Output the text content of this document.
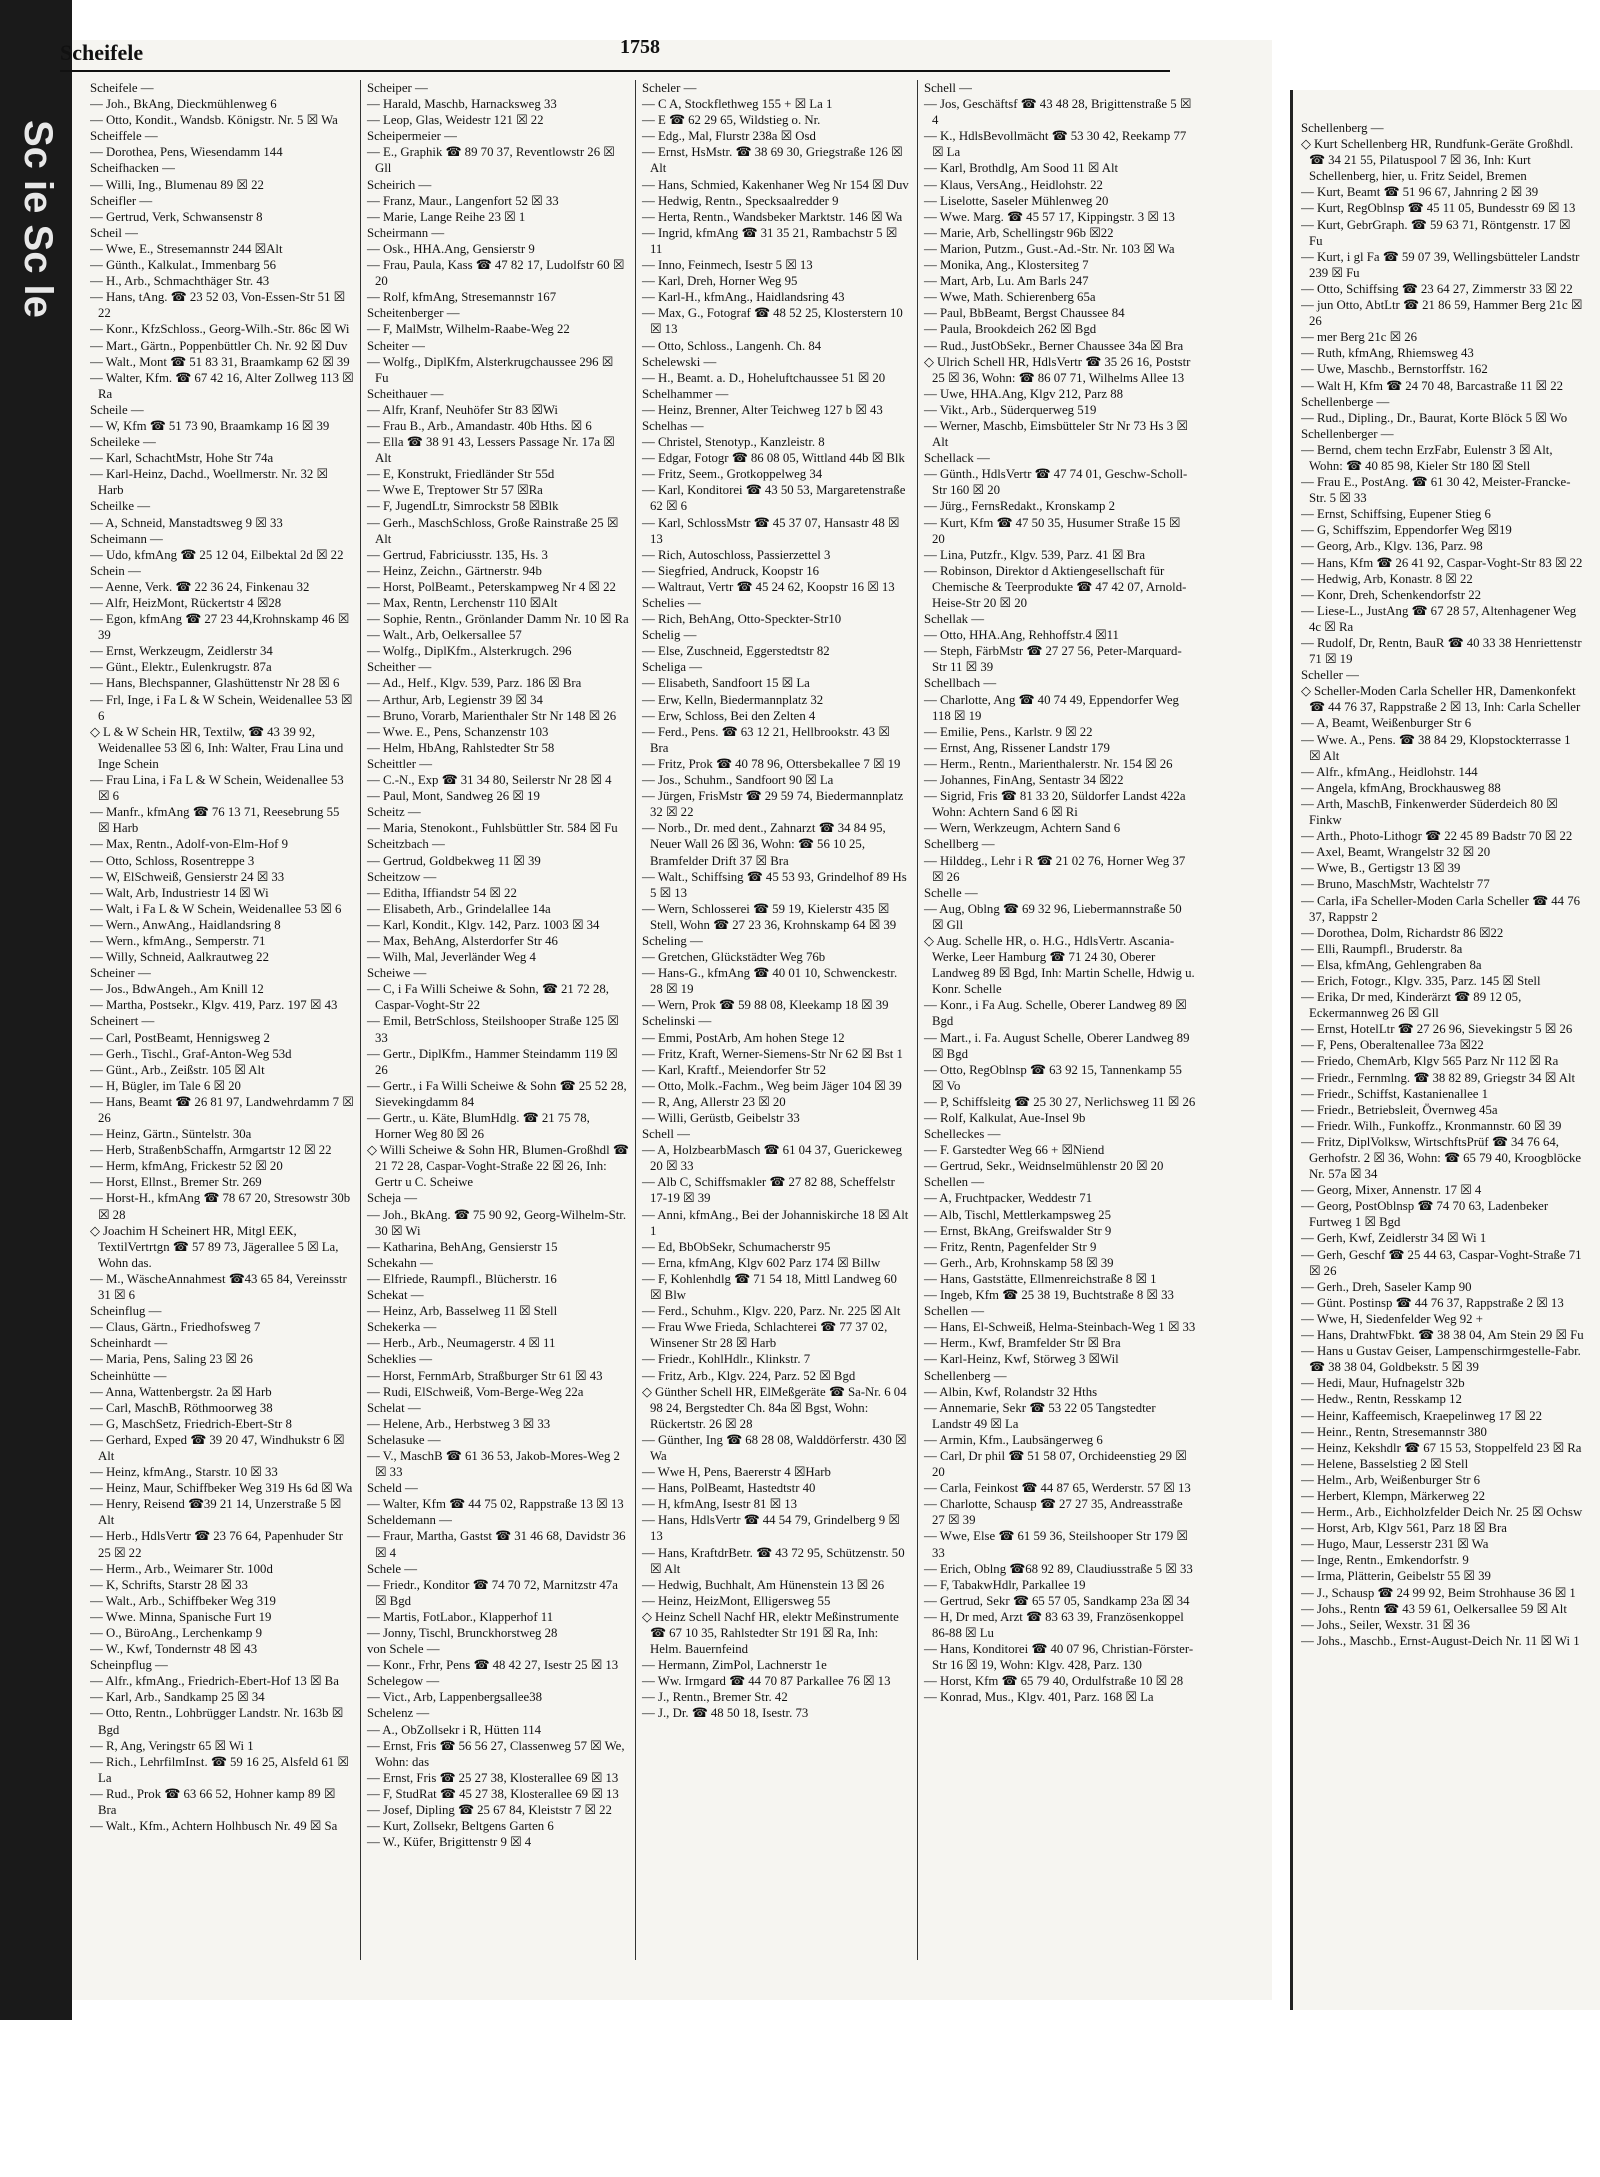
Sc ie Sc le
Scheifele	1758
Scheifele —
— Joh., BkAng, Dieckmühlenweg 6
— Otto, Kondit., Wandsb. Königstr. Nr. 5 ☒ Wa
Scheiffele —
— Dorothea, Pens, Wiesendamm 144
Scheifhacken —
— Willi, Ing., Blumenau 89 ☒ 22
Scheifler —
— Gertrud, Verk, Schwansenstr 8
Scheil —
— Wwe, E., Stresemannstr 244 ☒Alt
— Günth., Kalkulat., Immenbarg 56
— H., Arb., Schmachthäger Str. 43
— Hans, tAng. ☎ 23 52 03, Von-Essen-Str 51 ☒ 22
— Konr., KfzSchloss., Georg-Wilh.-Str. 86c ☒ Wi
— Mart., Gärtn., Poppenbüttler Ch. Nr. 92 ☒ Duv
— Walt., Mont ☎ 51 83 31, Braamkamp 62 ☒ 39
— Walter, Kfm. ☎ 67 42 16, Alter Zollweg 113 ☒ Ra
Scheile —
— W, Kfm ☎ 51 73 90, Braamkamp 16 ☒ 39
Scheileke —
— Karl, SchachtMstr, Hohe Str 74a
— Karl-Heinz, Dachd., Woellmerstr. Nr. 32 ☒ Harb
Scheilke —
— A, Schneid, Manstadtsweg 9 ☒ 33
Scheimann —
— Udo, kfmAng ☎ 25 12 04, Eilbektal 2d ☒ 22
Schein —
— Aenne, Verk. ☎ 22 36 24, Finkenau 32
— Alfr, HeizMont, Rückertstr 4 ☒28
— Egon, kfmAng ☎ 27 23 44,Krohnskamp 46 ☒ 39
— Ernst, Werkzeugm, Zeidlerstr 34
— Günt., Elektr., Eulenkrugstr. 87a
— Hans, Blechspanner, Glashüttenstr Nr 28 ☒ 6
— Frl, Inge, i Fa L & W Schein, Weidenallee 53 ☒ 6
◇ L & W Schein HR, Textilw, ☎ 43 39 92, Weidenallee 53 ☒ 6, Inh: Walter, Frau Lina und Inge Schein
— Frau Lina, i Fa L & W Schein, Weidenallee 53 ☒ 6
— Manfr., kfmAng ☎ 76 13 71, Reesebrung 55 ☒ Harb
— Max, Rentn., Adolf-von-Elm-Hof 9
— Otto, Schloss, Rosentreppe 3
— W, ElSchweiß, Gensierstr 24 ☒ 33
— Walt, Arb, Industriestr 14 ☒ Wi
— Walt, i Fa L & W Schein, Weidenallee 53 ☒ 6
— Wern., AnwAng., Haidlandsring 8
— Wern., kfmAng., Semperstr. 71
— Willy, Schneid, Aalkrautweg 22
Scheiner —
— Jos., BdwAngeh., Am Knill 12
— Martha, Postsekr., Klgv. 419, Parz. 197 ☒ 43
Scheinert —
— Carl, PostBeamt, Hennigsweg 2
— Gerh., Tischl., Graf-Anton-Weg 53d
— Günt., Arb., Zeißstr. 105 ☒ Alt
— H, Bügler, im Tale 6 ☒ 20
— Hans, Beamt ☎ 26 81 97, Landwehrdamm 7 ☒ 26
— Heinz, Gärtn., Süntelstr. 30a
— Herb, StraßenbSchaffn, Armgartstr 12 ☒ 22
— Herm, kfmAng, Frickestr 52 ☒ 20
— Horst, Ellnst., Bremer Str. 269
— Horst-H., kfmAng ☎ 78 67 20, Stresowstr 30b ☒ 28
◇ Joachim H Scheinert HR, Mitgl EEK, TextilVertrtgn ☎ 57 89 73, Jägerallee 5 ☒ La, Wohn das.
— M., WäscheAnnahmest ☎43 65 84, Vereinsstr 31 ☒ 6
Scheinflug —
— Claus, Gärtn., Friedhofsweg 7
Scheinhardt —
— Maria, Pens, Saling 23 ☒ 26
Scheinhütte —
— Anna, Wattenbergstr. 2a ☒ Harb
— Carl, MaschB, Röthmoorweg 38
— G, MaschSetz, Friedrich-Ebert-Str 8
— Gerhard, Exped ☎ 39 20 47, Windhukstr 6 ☒ Alt
— Heinz, kfmAng., Starstr. 10 ☒ 33
— Heinz, Maur, Schiffbeker Weg 319 Hs 6d ☒ Wa
— Henry, Reisend ☎39 21 14, Unzerstraße 5 ☒ Alt
— Herb., HdlsVertr ☎ 23 76 64, Papenhuder Str 25 ☒ 22
— Herm., Arb., Weimarer Str. 100d
— K, Schrifts, Starstr 28 ☒ 33
— Walt., Arb., Schiffbeker Weg 319
— Wwe. Minna, Spanische Furt 19
— O., BüroAng., Lerchenkamp 9
— W., Kwf, Tondernstr 48 ☒ 43
Scheinpflug —
— Alfr., kfmAng., Friedrich-Ebert-Hof 13 ☒ Ba
— Karl, Arb., Sandkamp 25 ☒ 34
— Otto, Rentn., Lohbrügger Landstr. Nr. 163b ☒ Bgd
— R, Ang, Veringstr 65 ☒ Wi 1
— Rich., LehrfilmInst. ☎ 59 16 25, Alsfeld 61 ☒ La
— Rud., Prok ☎ 63 66 52, Hohner kamp 89 ☒ Bra
— Walt., Kfm., Achtern Holhbusch Nr. 49 ☒ Sa
Scheiper —
— Harald, Maschb, Harnacksweg 33
— Leop, Glas, Weidestr 121 ☒ 22
Scheipermeier —
— E., Graphik ☎ 89 70 37, Reventlowstr 26 ☒ Gll
Scheirich —
— Franz, Maur., Langenfort 52 ☒ 33
— Marie, Lange Reihe 23 ☒ 1
Scheirmann —
— Osk., HHA.Ang, Gensierstr 9
— Frau, Paula, Kass ☎ 47 82 17, Ludolfstr 60 ☒ 20
— Rolf, kfmAng, Stresemannstr 167
Scheitenberger —
— F, MalMstr, Wilhelm-Raabe-Weg 22
Scheiter —
— Wolfg., DiplKfm, Alsterkrugchaussee 296 ☒ Fu
Scheithauer —
— Alfr, Kranf, Neuhöfer Str 83 ☒Wi
— Frau B., Arb., Amandastr. 40b Hths. ☒ 6
— Ella ☎ 38 91 43, Lessers Passage Nr. 17a ☒ Alt
— E, Konstrukt, Friedländer Str 55d
— Wwe E, Treptower Str 57 ☒Ra
— F, JugendLtr, Simrockstr 58 ☒Blk
— Gerh., MaschSchloss, Große Rainstraße 25 ☒ Alt
— Gertrud, Fabriciusstr. 135, Hs. 3
— Heinz, Zeichn., Gärtnerstr. 94b
— Horst, PolBeamt., Peterskampweg Nr 4 ☒ 22
— Max, Rentn, Lerchenstr 110 ☒Alt
— Sophie, Rentn., Grönlander Damm Nr. 10 ☒ Ra
— Walt., Arb, Oelkersallee 57
— Wolfg., DiplKfm., Alsterkrugch. 296
Scheither —
— Ad., Helf., Klgv. 539, Parz. 186 ☒ Bra
— Arthur, Arb, Legienstr 39 ☒ 34
— Bruno, Vorarb, Marienthaler Str Nr 148 ☒ 26
— Wwe. E., Pens, Schanzenstr 103
— Helm, HbAng, Rahlstedter Str 58
Scheittler —
— C.-N., Exp ☎ 31 34 80, Seilerstr Nr 28 ☒ 4
— Paul, Mont, Sandweg 26 ☒ 19
Scheitz —
— Maria, Stenokont., Fuhlsbüttler Str. 584 ☒ Fu
Scheitzbach —
— Gertrud, Goldbekweg 11 ☒ 39
Scheitzow —
— Editha, Iffiandstr 54 ☒ 22
— Elisabeth, Arb., Grindelallee 14a
— Karl, Kondit., Klgv. 142, Parz. 1003 ☒ 34
— Max, BehAng, Alsterdorfer Str 46
— Wilh, Mal, Jeverländer Weg 4
Scheiwe —
— C, i Fa Willi Scheiwe & Sohn, ☎ 21 72 28, Caspar-Voght-Str 22
— Emil, BetrSchloss, Steilshooper Straße 125 ☒ 33
— Gertr., DiplKfm., Hammer Steindamm 119 ☒ 26
— Gertr., i Fa Willi Scheiwe & Sohn ☎ 25 52 28, Sievekingdamm 84
— Gertr., u. Käte, BlumHdlg. ☎ 21 75 78, Horner Weg 80 ☒ 26
◇ Willi Scheiwe & Sohn HR, Blumen-Großhdl ☎ 21 72 28, Caspar-Voght-Straße 22 ☒ 26, Inh: Gertr u C. Scheiwe
Scheja —
— Joh., BkAng. ☎ 75 90 92, Georg-Wilhelm-Str. 30 ☒ Wi
— Katharina, BehAng, Gensierstr 15
Schekahn —
— Elfriede, Raumpfl., Blücherstr. 16
Schekat —
— Heinz, Arb, Basselweg 11 ☒ Stell
Schekerka —
— Herb., Arb., Neumagerstr. 4 ☒ 11
Scheklies —
— Horst, FernmArb, Straßburger Str 61 ☒ 43
— Rudi, ElSchweiß, Vom-Berge-Weg 22a
Schelat —
— Helene, Arb., Herbstweg 3 ☒ 33
Schelasuke —
— V., MaschB ☎ 61 36 53, Jakob-Mores-Weg 2 ☒ 33
Scheld —
— Walter, Kfm ☎ 44 75 02, Rappstraße 13 ☒ 13
Scheldemann —
— Fraur, Martha, Gastst ☎ 31 46 68, Davidstr 36 ☒ 4
Schele —
— Friedr., Konditor ☎ 74 70 72, Marnitzstr 47a ☒ Bgd
— Martis, FotLabor., Klapperhof 11
— Jonny, Tischl, Brunckhorstweg 28
von Schele —
— Konr., Frhr, Pens ☎ 48 42 27, Isestr 25 ☒ 13
Schelegow —
— Vict., Arb, Lappenbergsallee38
Schelenz —
— A., ObZollsekr i R, Hütten 114
— Ernst, Fris ☎ 56 56 27, Classenweg 57 ☒ We, Wohn: das
— Ernst, Fris ☎ 25 27 38, Klosterallee 69 ☒ 13
— F, StudRat ☎ 45 27 38, Klosterallee 69 ☒ 13
— Josef, Dipling ☎ 25 67 84, Kleiststr 7 ☒ 22
— Kurt, Zollsekr, Beltgens Garten 6
— W., Küfer, Brigittenstr 9 ☒ 4
Scheler —
— C A, Stockflethweg 155 + ☒ La 1
— E ☎ 62 29 65, Wildstieg o. Nr.
— Edg., Mal, Flurstr 238a ☒ Osd
— Ernst, HsMstr. ☎ 38 69 30, Griegstraße 126 ☒ Alt
— Hans, Schmied, Kakenhaner Weg Nr 154 ☒ Duv
— Hedwig, Rentn., Specksaalredder 9
— Herta, Rentn., Wandsbeker Marktstr. 146 ☒ Wa
— Ingrid, kfmAng ☎ 31 35 21, Rambachstr 5 ☒ 11
— Inno, Feinmech, Isestr 5 ☒ 13
— Karl, Dreh, Horner Weg 95
— Karl-H., kfmAng., Haidlandsring 43
— Max, G., Fotograf ☎ 48 52 25, Klosterstern 10 ☒ 13
— Otto, Schloss., Langenh. Ch. 84
Schelewski —
— H., Beamt. a. D., Hoheluftchaussee 51 ☒ 20
Schelhammer —
— Heinz, Brenner, Alter Teichweg 127 b ☒ 43
Schelhas —
— Christel, Stenotyp., Kanzleistr. 8
— Edgar, Fotogr ☎ 86 08 05, Wittland 44b ☒ Blk
— Fritz, Seem., Grotkoppelweg 34
— Karl, Konditorei ☎ 43 50 53, Margaretenstraße 62 ☒ 6
— Karl, SchlossMstr ☎ 45 37 07, Hansastr 48 ☒ 13
— Rich, Autoschloss, Passierzettel 3
— Siegfried, Andruck, Koopstr 16
— Waltraut, Vertr ☎ 45 24 62, Koopstr 16 ☒ 13
Schelies —
— Rich, BehAng, Otto-Speckter-Str10
Schelig —
— Else, Zuschneid, Eggerstedtstr 82
Scheliga —
— Elisabeth, Sandfoort 15 ☒ La
— Erw, Kelln, Biedermannplatz 32
— Erw, Schloss, Bei den Zelten 4
— Ferd., Pens. ☎ 63 12 21, Hellbrookstr. 43 ☒ Bra
— Fritz, Prok ☎ 40 78 96, Ottersbekallee 7 ☒ 19
— Jos., Schuhm., Sandfoort 90 ☒ La
— Jürgen, FrisMstr ☎ 29 59 74, Biedermannplatz 32 ☒ 22
— Norb., Dr. med dent., Zahnarzt ☎ 34 84 95, Neuer Wall 26 ☒ 36, Wohn: ☎ 56 10 25, Bramfelder Drift 37 ☒ Bra
— Walt., Schiffsing ☎ 45 53 93, Grindelhof 89 Hs 5 ☒ 13
— Wern, Schlosserei ☎ 59 19, Kielerstr 435 ☒ Stell, Wohn ☎ 27 23 36, Krohnskamp 64 ☒ 39
Scheling —
— Gretchen, Glückstädter Weg 76b
— Hans-G., kfmAng ☎ 40 01 10, Schwenckestr. 28 ☒ 19
— Wern, Prok ☎ 59 88 08, Kleekamp 18 ☒ 39
Schelinski —
— Emmi, PostArb, Am hohen Stege 12
— Fritz, Kraft, Werner-Siemens-Str Nr 62 ☒ Bst 1
— Karl, Kraftf., Meiendorfer Str 52
— Otto, Molk.-Fachm., Weg beim Jäger 104 ☒ 39
— R, Ang, Allerstr 23 ☒ 20
— Willi, Gerüstb, Geibelstr 33
Schell —
— A, HolzbearbMasch ☎ 61 04 37, Guerickeweg 20 ☒ 33
— Alb C, Schiffsmakler ☎ 27 82 88, Scheffelstr 17-19 ☒ 39
— Anni, kfmAng., Bei der Johanniskirche 18 ☒ Alt 1
— Ed, BbObSekr, Schumacherstr 95
— Erna, kfmAng, Klgv 602 Parz 174 ☒ Billw
— F, Kohlenhdlg ☎ 71 54 18, Mittl Landweg 60 ☒ Blw
— Ferd., Schuhm., Klgv. 220, Parz. Nr. 225 ☒ Alt
— Frau Wwe Frieda, Schlachterei ☎ 77 37 02, Winsener Str 28 ☒ Harb
— Friedr., KohlHdlr., Klinkstr. 7
— Fritz, Arb., Klgv. 224, Parz. 52 ☒ Bgd
◇ Günther Schell HR, ElMeßgeräte ☎ Sa-Nr. 6 04 98 24, Bergstedter Ch. 84a ☒ Bgst, Wohn: Rückertstr. 26 ☒ 28
— Günther, Ing ☎ 68 28 08, Walddörferstr. 430 ☒ Wa
— Wwe H, Pens, Baererstr 4 ☒Harb
— Hans, PolBeamt, Hastedtstr 40
— H, kfmAng, Isestr 81 ☒ 13
— Hans, HdlsVertr ☎ 44 54 79, Grindelberg 9 ☒ 13
— Hans, KraftdrBetr. ☎ 43 72 95, Schützenstr. 50 ☒ Alt
— Hedwig, Buchhalt, Am Hünenstein 13 ☒ 26
— Heinz, HeizMont, Elligersweg 55
◇ Heinz Schell Nachf HR, elektr Meßinstrumente ☎ 67 10 35, Rahlstedter Str 191 ☒ Ra, Inh: Helm. Bauernfeind
— Hermann, ZimPol, Lachnerstr 1e
— Ww. Irmgard ☎ 44 70 87 Parkallee 76 ☒ 13
— J., Rentn., Bremer Str. 42
— J., Dr. ☎ 48 50 18, Isestr. 73
Schell —
— Jos, Geschäftsf ☎ 43 48 28, Brigittenstraße 5 ☒ 4
— K., HdlsBevollmächt ☎ 53 30 42, Reekamp 77 ☒ La
— Karl, Brothdlg, Am Sood 11 ☒ Alt
— Klaus, VersAng., Heidlohstr. 22
— Liselotte, Saseler Mühlenweg 20
— Wwe. Marg. ☎ 45 57 17, Kippingstr. 3 ☒ 13
— Marie, Arb, Schellingstr 96b ☒22
— Marion, Putzm., Gust.-Ad.-Str. Nr. 103 ☒ Wa
— Monika, Ang., Klostersiteg 7
— Mart, Arb, Lu. Am Barls 247
— Wwe, Math. Schierenberg 65a
— Paul, BbBeamt, Bergst Chaussee 84
— Paula, Brookdeich 262 ☒ Bgd
— Rud., JustObSekr., Berner Chaussee 34a ☒ Bra
◇ Ulrich Schell HR, HdlsVertr ☎ 35 26 16, Poststr 25 ☒ 36, Wohn: ☎ 86 07 71, Wilhelms Allee 13
— Uwe, HHA.Ang, Klgv 212, Parz 88
— Vikt., Arb., Süderquerweg 519
— Werner, Maschb, Eimsbütteler Str Nr 73 Hs 3 ☒ Alt
Schellack —
— Günth., HdlsVertr ☎ 47 74 01, Geschw-Scholl-Str 160 ☒ 20
— Jürg., FernsRedakt., Kronskamp 2
— Kurt, Kfm ☎ 47 50 35, Husumer Straße 15 ☒ 20
— Lina, Putzfr., Klgv. 539, Parz. 41 ☒ Bra
— Robinson, Direktor d Aktiengesellschaft für Chemische & Teerprodukte ☎ 47 42 07, Arnold-Heise-Str 20 ☒ 20
Schellak —
— Otto, HHA.Ang, Rehhoffstr.4 ☒11
— Steph, FärbMstr ☎ 27 27 56, Peter-Marquard-Str 11 ☒ 39
Schellbach —
— Charlotte, Ang ☎ 40 74 49, Eppendorfer Weg 118 ☒ 19
— Emilie, Pens., Karlstr. 9 ☒ 22
— Ernst, Ang, Rissener Landstr 179
— Herm., Rentn., Marienthalerstr. Nr. 154 ☒ 26
— Johannes, FinAng, Sentastr 34 ☒22
— Sigrid, Fris ☎ 81 33 20, Süldorfer Landst 422a Wohn: Achtern Sand 6 ☒ Ri
— Wern, Werkzeugm, Achtern Sand 6
Schellberg —
— Hilddeg., Lehr i R ☎ 21 02 76, Horner Weg 37 ☒ 26
Schelle —
— Aug, Oblng ☎ 69 32 96, Liebermannstraße 50 ☒ Gll
◇ Aug. Schelle HR, o. H.G., HdlsVertr. Ascania-Werke, Leer Hamburg ☎ 71 24 30, Oberer Landweg 89 ☒ Bgd, Inh: Martin Schelle, Hdwig u. Konr. Schelle
— Konr., i Fa Aug. Schelle, Oberer Landweg 89 ☒ Bgd
— Mart., i. Fa. August Schelle, Oberer Landweg 89 ☒ Bgd
— Otto, RegOblnsp ☎ 63 92 15, Tannenkamp 55 ☒ Vo
— P, Schiffsleitg ☎ 25 30 27, Nerlichsweg 11 ☒ 26
— Rolf, Kalkulat, Aue-Insel 9b
Schelleckes —
— F. Garstedter Weg 66 + ☒Niend
— Gertrud, Sekr., Weidnselmühlenstr 20 ☒ 20
Schellen —
— A, Fruchtpacker, Weddestr 71
— Alb, Tischl, Mettlerkampsweg 25
— Ernst, BkAng, Greifswalder Str 9
— Fritz, Rentn, Pagenfelder Str 9
— Gerh., Arb, Krohnskamp 58 ☒ 39
— Hans, Gaststätte, Ellmenreichstraße 8 ☒ 1
— Ingeb, Kfm ☎ 25 38 19, Buchtstraße 8 ☒ 33
Schellen —
— Hans, El-Schweiß, Helma-Steinbach-Weg 1 ☒ 33
— Herm., Kwf, Bramfelder Str ☒ Bra
— Karl-Heinz, Kwf, Störweg 3 ☒Wil
Schellenberg —
— Albin, Kwf, Rolandstr 32 Hths
— Annemarie, Sekr ☎ 53 22 05 Tangstedter Landstr 49 ☒ La
— Armin, Kfm., Laubsängerweg 6
— Carl, Dr phil ☎ 51 58 07, Orchideenstieg 29 ☒ 20
— Carla, Feinkost ☎ 44 87 65, Werderstr. 57 ☒ 13
— Charlotte, Schausp ☎ 27 27 35, Andreasstraße 27 ☒ 39
— Wwe, Else ☎ 61 59 36, Steilshooper Str 179 ☒ 33
— Erich, Oblng ☎68 92 89, Claudiusstraße 5 ☒ 33
— F, TabakwHdlr, Parkallee 19
— Gertrud, Sekr ☎ 65 57 05, Sandkamp 23a ☒ 34
— H, Dr med, Arzt ☎ 83 63 39, Französenkoppel 86-88 ☒ Lu
— Hans, Konditorei ☎ 40 07 96, Christian-Förster-Str 16 ☒ 19, Wohn: Klgv. 428, Parz. 130
— Horst, Kfm ☎ 65 79 40, Ordulfstraße 10 ☒ 28
— Konrad, Mus., Klgv. 401, Parz. 168 ☒ La
Schellenberg —
◇ Kurt Schellenberg HR, Rundfunk-Geräte Großhdl. ☎ 34 21 55, Pilatuspool 7 ☒ 36, Inh: Kurt Schellenberg, hier, u. Fritz Seidel, Bremen
— Kurt, Beamt ☎ 51 96 67, Jahnring 2 ☒ 39
— Kurt, RegOblnsp ☎ 45 11 05, Bundesstr 69 ☒ 13
— Kurt, GebrGraph. ☎ 59 63 71, Röntgenstr. 17 ☒ Fu
— Kurt, i gl Fa ☎ 59 07 39, Wellingsbütteler Landstr 239 ☒ Fu
— Otto, Schiffsing ☎ 23 64 27, Zimmerstr 33 ☒ 22
— jun Otto, AbtLtr ☎ 21 86 59, Hammer Berg 21c ☒ 26
— mer Berg 21c ☒ 26
— Ruth, kfmAng, Rhiemsweg 43
— Uwe, Maschb., Bernstorffstr. 162
— Walt H, Kfm ☎ 24 70 48, Barcastraße 11 ☒ 22
Schellenberge —
— Rud., Dipling., Dr., Baurat, Korte Blöck 5 ☒ Wo
Schellenberger —
— Bernd, chem techn ErzFabr, Eulenstr 3 ☒ Alt, Wohn: ☎ 40 85 98, Kieler Str 180 ☒ Stell
— Frau E., PostAng. ☎ 61 30 42, Meister-Francke-Str. 5 ☒ 33
— Ernst, Schiffsing, Eupener Stieg 6
— G, Schiffszim, Eppendorfer Weg ☒19
— Georg, Arb., Klgv. 136, Parz. 98
— Hans, Kfm ☎ 26 41 92, Caspar-Voght-Str 83 ☒ 22
— Hedwig, Arb, Konastr. 8 ☒ 22
— Konr, Dreh, Schenkendorfstr 22
— Liese-L., JustAng ☎ 67 28 57, Altenhagener Weg 4c ☒ Ra
— Rudolf, Dr, Rentn, BauR ☎ 40 33 38 Henriettenstr 71 ☒ 19
Scheller —
◇ Scheller-Moden Carla Scheller HR, Damenkonfekt ☎ 44 76 37, Rappstraße 2 ☒ 13, Inh: Carla Scheller
— A, Beamt, Weißenburger Str 6
— Wwe. A., Pens. ☎ 38 84 29, Klopstockterrasse 1 ☒ Alt
— Alfr., kfmAng., Heidlohstr. 144
— Angela, kfmAng, Brockhausweg 88
— Arth, MaschB, Finkenwerder Süderdeich 80 ☒ Finkw
— Arth., Photo-Lithogr ☎ 22 45 89 Badstr 70 ☒ 22
— Axel, Beamt, Wrangelstr 32 ☒ 20
— Wwe, B., Gertigstr 13 ☒ 39
— Bruno, MaschMstr, Wachtelstr 77
— Carla, iFa Scheller-Moden Carla Scheller ☎ 44 76 37, Rappstr 2
— Dorothea, Dolm, Richardstr 86 ☒22
— Elli, Raumpfl., Bruderstr. 8a
— Elsa, kfmAng, Gehlengraben 8a
— Erich, Fotogr., Klgv. 335, Parz. 145 ☒ Stell
— Erika, Dr med, Kinderärzt ☎ 89 12 05, Eckermannweg 26 ☒ Gll
— Ernst, HotelLtr ☎ 27 26 96, Sievekingstr 5 ☒ 26
— F, Pens, Oberaltenallee 73a ☒22
— Friedo, ChemArb, Klgv 565 Parz Nr 112 ☒ Ra
— Friedr., Fernmlng. ☎ 38 82 89, Griegstr 34 ☒ Alt
— Friedr., Schiffst, Kastanienallee 1
— Friedr., Betriebsleit, Övernweg 45a
— Friedr. Wilh., Funkoffz., Kronmannstr. 60 ☒ 39
— Fritz, DiplVolksw, WirtschftsPrüf ☎ 34 76 64, Gerhofstr. 2 ☒ 36, Wohn: ☎ 65 79 40, Kroogblöcke Nr. 57a ☒ 34
— Georg, Mixer, Annenstr. 17 ☒ 4
— Georg, PostOblnsp ☎ 74 70 63, Ladenbeker Furtweg 1 ☒ Bgd
— Gerh, Kwf, Zeidlerstr 34 ☒ Wi 1
— Gerh, Geschf ☎ 25 44 63, Caspar-Voght-Straße 71 ☒ 26
— Gerh., Dreh, Saseler Kamp 90
— Günt. Postinsp ☎ 44 76 37, Rappstraße 2 ☒ 13
— Wwe, H, Siedenfelder Weg 92 +
— Hans, DrahtwFbkt. ☎ 38 38 04, Am Stein 29 ☒ Fu
— Hans u Gustav Geiser, Lampenschirmgestelle-Fabr. ☎ 38 38 04, Goldbekstr. 5 ☒ 39
— Hedi, Maur, Hufnagelstr 32b
— Hedw., Rentn, Resskamp 12
— Heinr, Kaffeemisch, Kraepelinweg 17 ☒ 22
— Heinr., Rentn, Stresemannstr 380
— Heinz, Kekshdlr ☎ 67 15 53, Stoppelfeld 23 ☒ Ra
— Helene, Basselstieg 2 ☒ Stell
— Helm., Arb, Weißenburger Str 6
— Herbert, Klempn, Märkerweg 22
— Herm., Arb., Eichholzfelder Deich Nr. 25 ☒ Ochsw
— Horst, Arb, Klgv 561, Parz 18 ☒ Bra
— Hugo, Maur, Lesserstr 231 ☒ Wa
— Inge, Rentn., Emkendorfstr. 9
— Irma, Plätterin, Geibelstr 55 ☒ 39
— J., Schausp ☎ 24 99 92, Beim Strohhause 36 ☒ 1
— Johs., Rentn ☎ 43 59 61, Oelkersallee 59 ☒ Alt
— Johs., Seiler, Wexstr. 31 ☒ 36
— Johs., Maschb., Ernst-August-Deich Nr. 11 ☒ Wi 1
